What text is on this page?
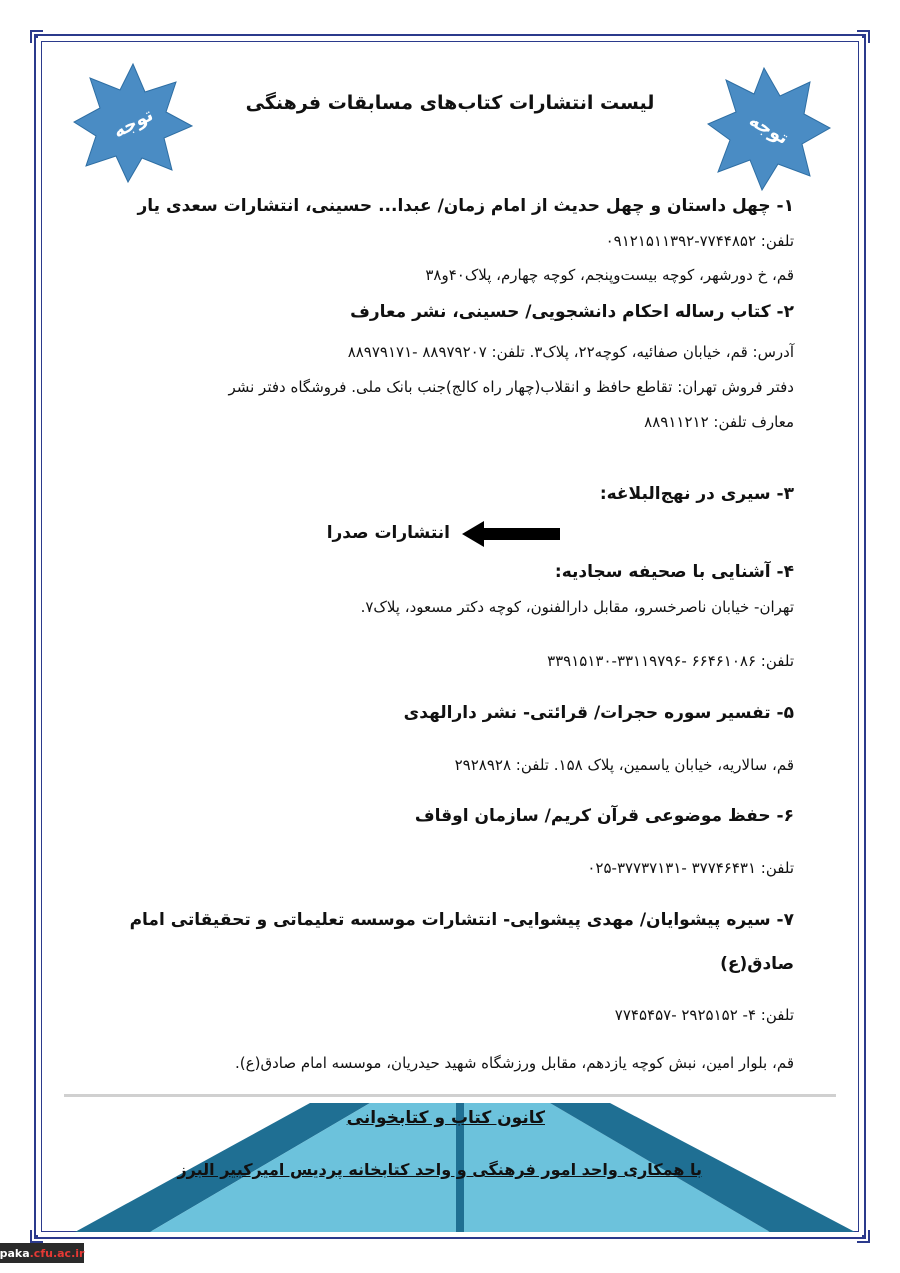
توجه	توجه
لیست انتشارات کتاب‌های مسابقات فرهنگی
۱- چهل داستان و چهل حدیث از امام زمان/ عبدا... حسینی، انتشارات سعدی یار
تلفن: ۷۷۴۴۸۵۲-۰۹۱۲۱۵۱۱۳۹۲
قم، خ دورشهر، کوچه بیست‌وپنجم، کوچه چهارم، پلاک۴۰و۳۸
۲- کتاب رساله احکام دانشجویی/ حسینی، نشر معارف
آدرس: قم، خیابان صفائیه، کوچه۲۲، پلاک۳. تلفن: ۸۸۹۷۹۲۰۷ -۸۸۹۷۹۱۷۱
دفتر فروش تهران: تقاطع حافظ و انقلاب(چهار راه کالج)جنب بانک ملی. فروشگاه دفتر نشر
معارف تلفن: ۸۸۹۱۱۲۱۲
۳- سیری در نهج‌البلاغه:
انتشارات صدرا
۴- آشنایی با صحیفه سجادیه:
تهران- خیابان ناصرخسرو، مقابل دارالفنون، کوچه دکتر مسعود، پلاک۷.
تلفن: ۶۶۴۶۱۰۸۶ -۳۳۱۱۹۷۹۶-۳۳۹۱۵۱۳۰
۵- تفسیر سوره حجرات/ قرائتی- نشر دارالهدی
قم، سالاریه، خیابان یاسمین، پلاک ۱۵۸. تلفن: ۲۹۲۸۹۲۸
۶- حفظ موضوعی قرآن کریم/ سازمان اوقاف
تلفن: ۳۷۷۴۶۴۳۱ -۳۷۷۳۷۱۳۱-۰۲۵
۷- سیره پیشوایان/ مهدی پیشوایی- انتشارات موسسه تعلیماتی و تحقیقاتی امام
صادق(ع)
تلفن: ۴- ۲۹۲۵۱۵۲ -۷۷۴۵۴۵۷
قم، بلوار امین، نبش کوچه یازدهم، مقابل ورزشگاه شهید حیدریان، موسسه امام صادق(ع).
کانون کتاب و کتابخوانی
با همکاری واحد امور فرهنگی و واحد کتابخانه پردیس امیرکبیر البرز
paka .cfu.ac.ir
